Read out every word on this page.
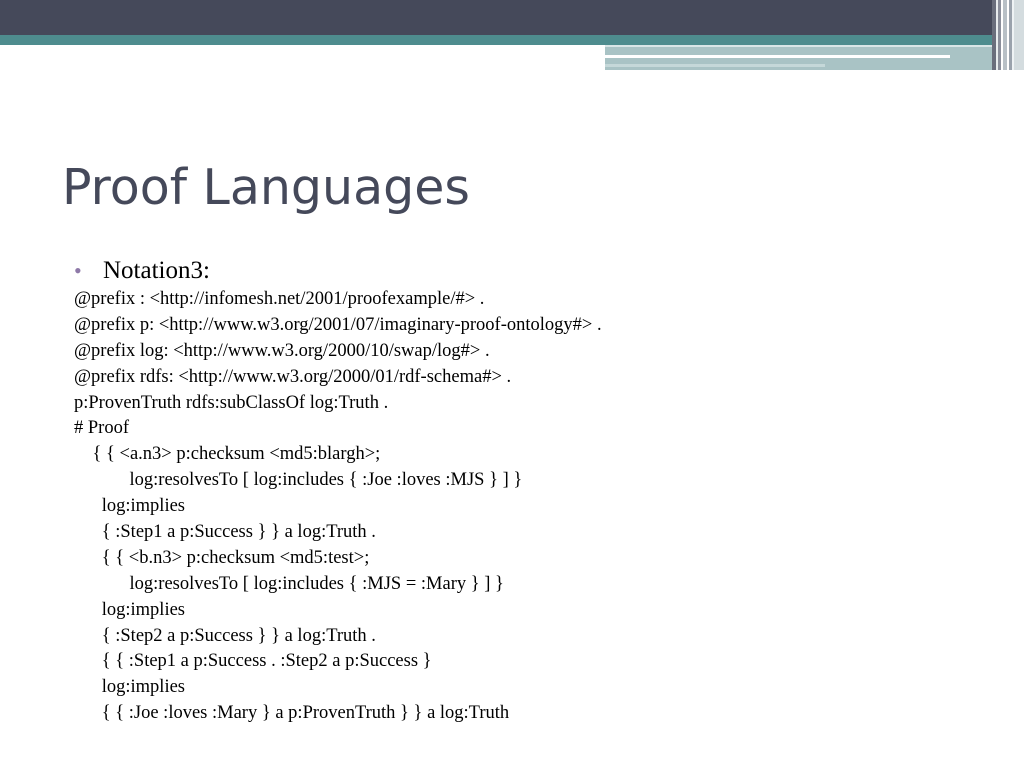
Proof Languages
• Notation3:
@prefix : <http://infomesh.net/2001/proofexample/#> .
@prefix p: <http://www.w3.org/2001/07/imaginary-proof-ontology#> .
@prefix log: <http://www.w3.org/2000/10/swap/log#> .
@prefix rdfs: <http://www.w3.org/2000/01/rdf-schema#> .
p:ProvenTruth rdfs:subClassOf log:Truth .
# Proof
{ { <a.n3> p:checksum <md5:blargh>;
log:resolvesTo [ log:includes { :Joe :loves :MJS } ] }
log:implies
{ :Step1 a p:Success } } a log:Truth .
{ { <b.n3> p:checksum <md5:test>;
log:resolvesTo [ log:includes { :MJS = :Mary } ] }
log:implies
{ :Step2 a p:Success } } a log:Truth .
{ { :Step1 a p:Success . :Step2 a p:Success }
log:implies
{ { :Joe :loves :Mary } a p:ProvenTruth } } a log:Truth
